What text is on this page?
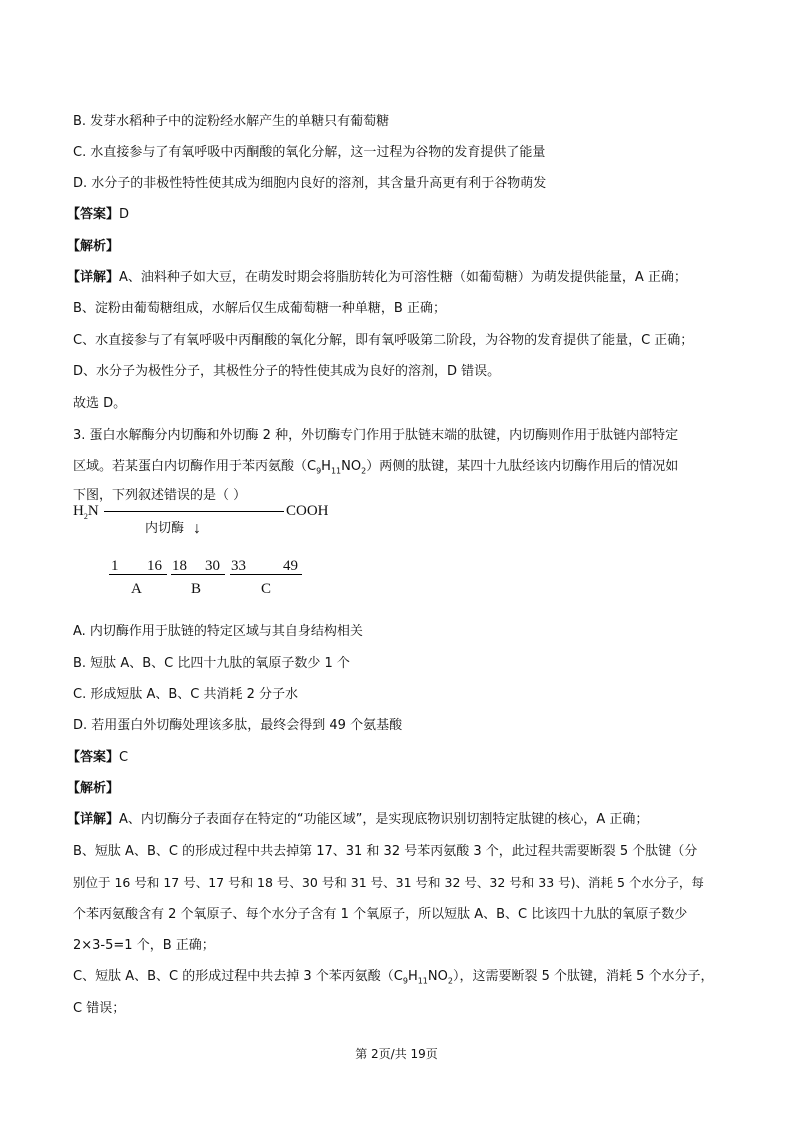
B. 发芽水稻种子中的淀粉经水解产生的单糖只有葡萄糖
C. 水直接参与了有氧呼吸中丙酮酸的氧化分解，这一过程为谷物的发育提供了能量
D. 水分子的非极性特性使其成为细胞内良好的溶剂，其含量升高更有利于谷物萌发
【答案】D
【解析】
【详解】A、油料种子如大豆，在萌发时期会将脂肪转化为可溶性糖（如葡萄糖）为萌发提供能量，A 正确；
B、淀粉由葡萄糖组成，水解后仅生成葡萄糖一种单糖，B 正确；
C、水直接参与了有氧呼吸中丙酮酸的氧化分解，即有氧呼吸第二阶段，为谷物的发育提供了能量，C 正确；
D、水分子为极性分子，其极性分子的特性使其成为良好的溶剂，D 错误。
故选 D。
3. 蛋白水解酶分内切酶和外切酶 2 种，外切酶专门作用于肽链末端的肽键，内切酶则作用于肽链内部特定
区域。若某蛋白内切酶作用于苯丙氨酸$(C_9H_{11}NO_2)$两侧的肽键，某四十九肽经该内切酶作用后的情况如
下图，下列叙述错误的是（ ）
$H_2N$	COOH
内切酶 ↓
1 16
A
18 30
B
33 49
C
A. 内切酶作用于肽链的特定区域与其自身结构相关
B. 短肽 A、B、C 比四十九肽的氧原子数少 1 个
C. 形成短肽 A、B、C 共消耗 2 分子水
D. 若用蛋白外切酶处理该多肽，最终会得到 49 个氨基酸
【答案】C
【解析】
【详解】A、内切酶分子表面存在特定的“功能区域”，是实现底物识别切割特定肽键的核心，A 正确；
B、短肽 A、B、C 的形成过程中共去掉第 17、31 和 32 号苯丙氨酸 3 个，此过程共需要断裂 5 个肽键（分
别位于 16 号和 17 号、17 号和 18 号、30 号和 31 号、31 号和 32 号、32 号和 33 号)、消耗 5 个水分子，每
个苯丙氨酸含有 2 个氧原子、每个水分子含有 1 个氧原子，所以短肽 A、B、C 比该四十九肽的氧原子数少
2×3-5=1 个，B 正确；
C、短肽 A、B、C 的形成过程中共去掉 3 个苯丙氨酸$(C_9H_{11}NO_2)$，这需要断裂 5 个肽键，消耗 5 个水分子，
C 错误；
第 2页/共 19页
